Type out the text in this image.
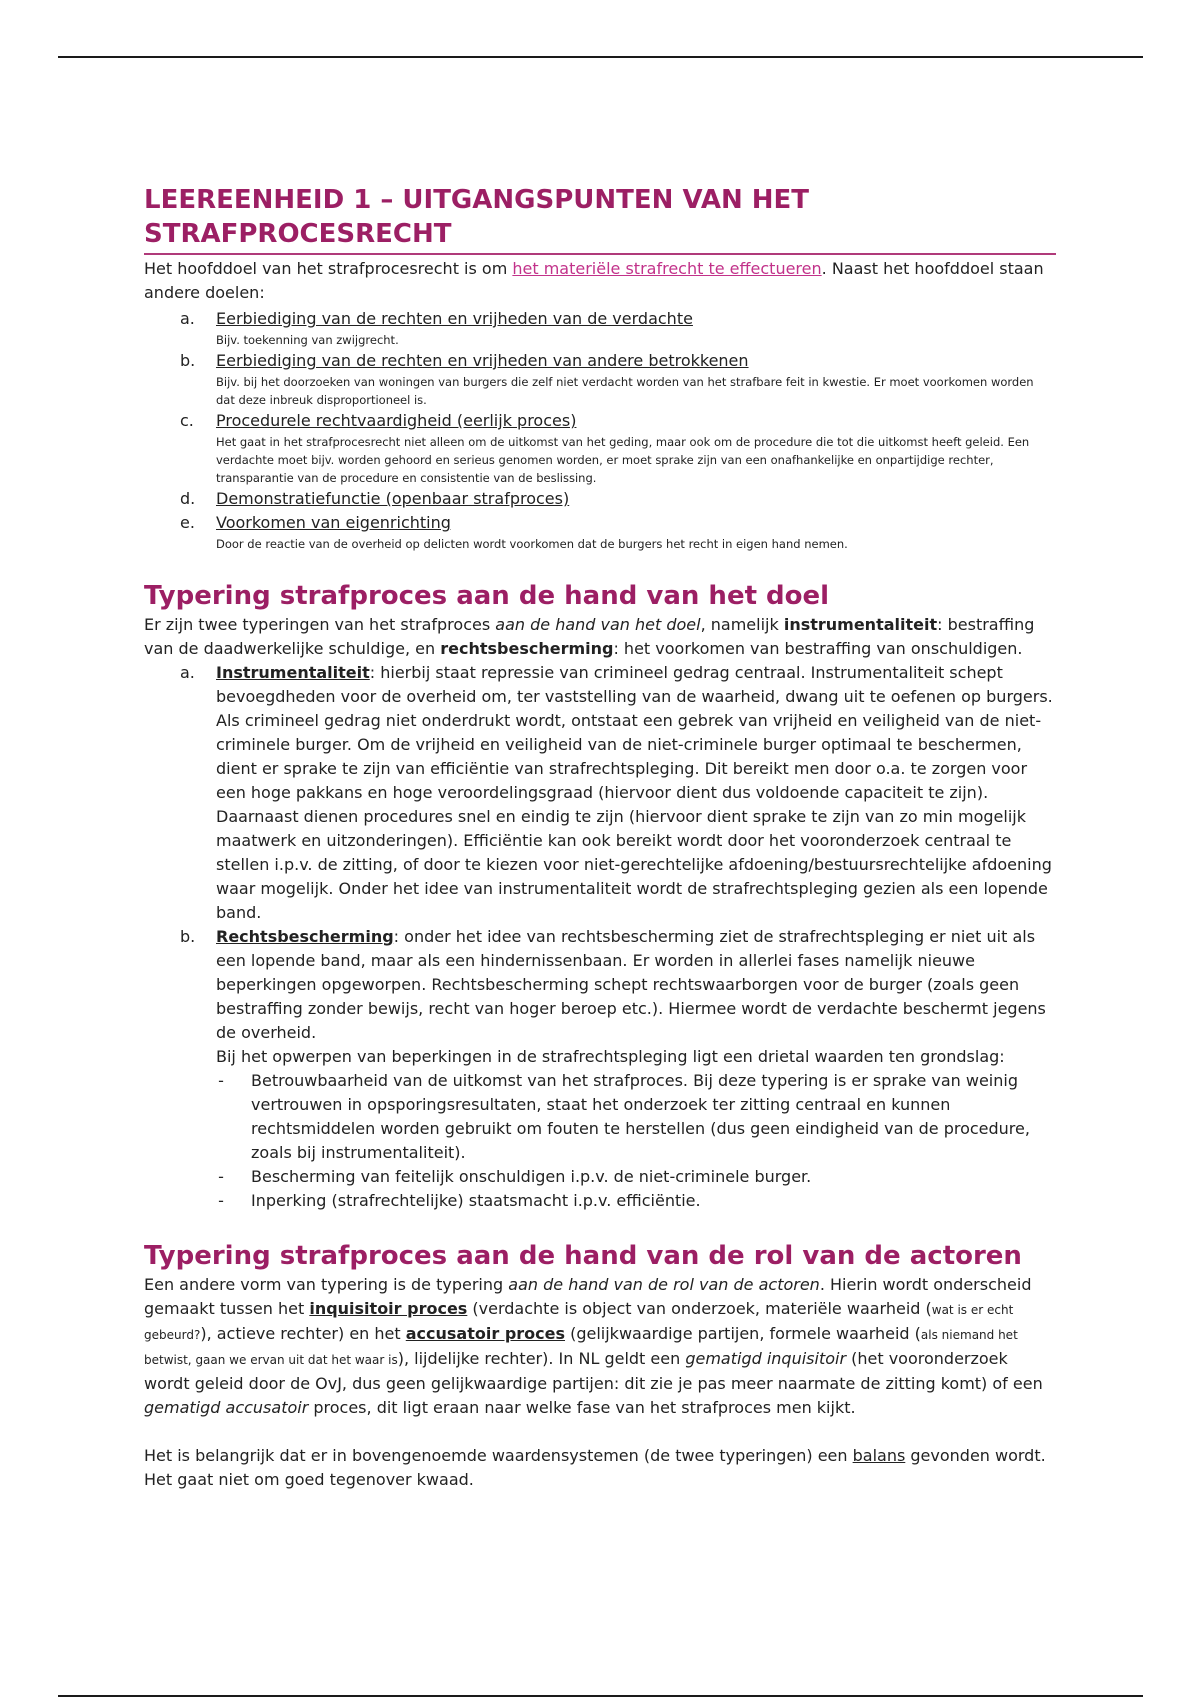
LEEREENHEID 1 – UITGANGSPUNTEN VAN HET STRAFPROCESRECHT

Het hoofddoel van het strafprocesrecht is om het materiële strafrecht te effectueren. Naast het hoofddoel staan andere doelen:

a. Eerbiediging van de rechten en vrijheden van de verdachte
Bijv. toekenning van zwijgrecht.
b. Eerbiediging van de rechten en vrijheden van andere betrokkenen
Bijv. bij het doorzoeken van woningen van burgers die zelf niet verdacht worden van het strafbare feit in kwestie. Er moet voorkomen worden dat deze inbreuk disproportioneel is.
c. Procedurele rechtvaardigheid (eerlijk proces)
Het gaat in het strafprocesrecht niet alleen om de uitkomst van het geding, maar ook om de procedure die tot die uitkomst heeft geleid. Een verdachte moet bijv. worden gehoord en serieus genomen worden, er moet sprake zijn van een onafhankelijke en onpartijdige rechter, transparantie van de procedure en consistentie van de beslissing.
d. Demonstratiefunctie (openbaar strafproces)
e. Voorkomen van eigenrichting
Door de reactie van de overheid op delicten wordt voorkomen dat de burgers het recht in eigen hand nemen.
Typering strafproces aan de hand van het doel

Er zijn twee typeringen van het strafproces aan de hand van het doel, namelijk instrumentaliteit: bestraffing van de daadwerkelijke schuldige, en rechtsbescherming: het voorkomen van bestraffing van onschuldigen.

a. Instrumentaliteit: hierbij staat repressie van crimineel gedrag centraal. Instrumentaliteit schept bevoegdheden voor de overheid om, ter vaststelling van de waarheid, dwang uit te oefenen op burgers. Als crimineel gedrag niet onderdrukt wordt, ontstaat een gebrek van vrijheid en veiligheid van de niet-criminele burger. Om de vrijheid en veiligheid van de niet-criminele burger optimaal te beschermen, dient er sprake te zijn van efficiëntie van strafrechtspleging. Dit bereikt men door o.a. te zorgen voor een hoge pakkans en hoge veroordelingsgraad (hiervoor dient dus voldoende capaciteit te zijn). Daarnaast dienen procedures snel en eindig te zijn (hiervoor dient sprake te zijn van zo min mogelijk maatwerk en uitzonderingen). Efficiëntie kan ook bereikt wordt door het vooronderzoek centraal te stellen i.p.v. de zitting, of door te kiezen voor niet-gerechtelijke afdoening/bestuursrechtelijke afdoening waar mogelijk. Onder het idee van instrumentaliteit wordt de strafrechtspleging gezien als een lopende band.
b. Rechtsbescherming: onder het idee van rechtsbescherming ziet de strafrechtspleging er niet uit als een lopende band, maar als een hindernissenbaan. Er worden in allerlei fases namelijk nieuwe beperkingen opgeworpen. Rechtsbescherming schept rechtswaarborgen voor de burger (zoals geen bestraffing zonder bewijs, recht van hoger beroep etc.). Hiermee wordt de verdachte beschermt jegens de overheid.
Bij het opwerpen van beperkingen in de strafrechtspleging ligt een drietal waarden ten grondslag:
- Betrouwbaarheid van de uitkomst van het strafproces. Bij deze typering is er sprake van weinig vertrouwen in opsporingsresultaten, staat het onderzoek ter zitting centraal en kunnen rechtsmiddelen worden gebruikt om fouten te herstellen (dus geen eindigheid van de procedure, zoals bij instrumentaliteit).
- Bescherming van feitelijk onschuldigen i.p.v. de niet-criminele burger.
- Inperking (strafrechtelijke) staatsmacht i.p.v. efficiëntie.
Typering strafproces aan de hand van de rol van de actoren

Een andere vorm van typering is de typering aan de hand van de rol van de actoren. Hierin wordt onderscheid gemaakt tussen het inquisitoir proces (verdachte is object van onderzoek, materiële waarheid (wat is er echt gebeurd?), actieve rechter) en het accusatoir proces (gelijkwaardige partijen, formele waarheid (als niemand het betwist, gaan we ervan uit dat het waar is), lijdelijke rechter). In NL geldt een gematigd inquisitoir (het vooronderzoek wordt geleid door de OvJ, dus geen gelijkwaardige partijen: dit zie je pas meer naarmate de zitting komt) of een gematigd accusatoir proces, dit ligt eraan naar welke fase van het strafproces men kijkt.

Het is belangrijk dat er in bovengenoemde waardensystemen (de twee typeringen) een balans gevonden wordt. Het gaat niet om goed tegenover kwaad.
